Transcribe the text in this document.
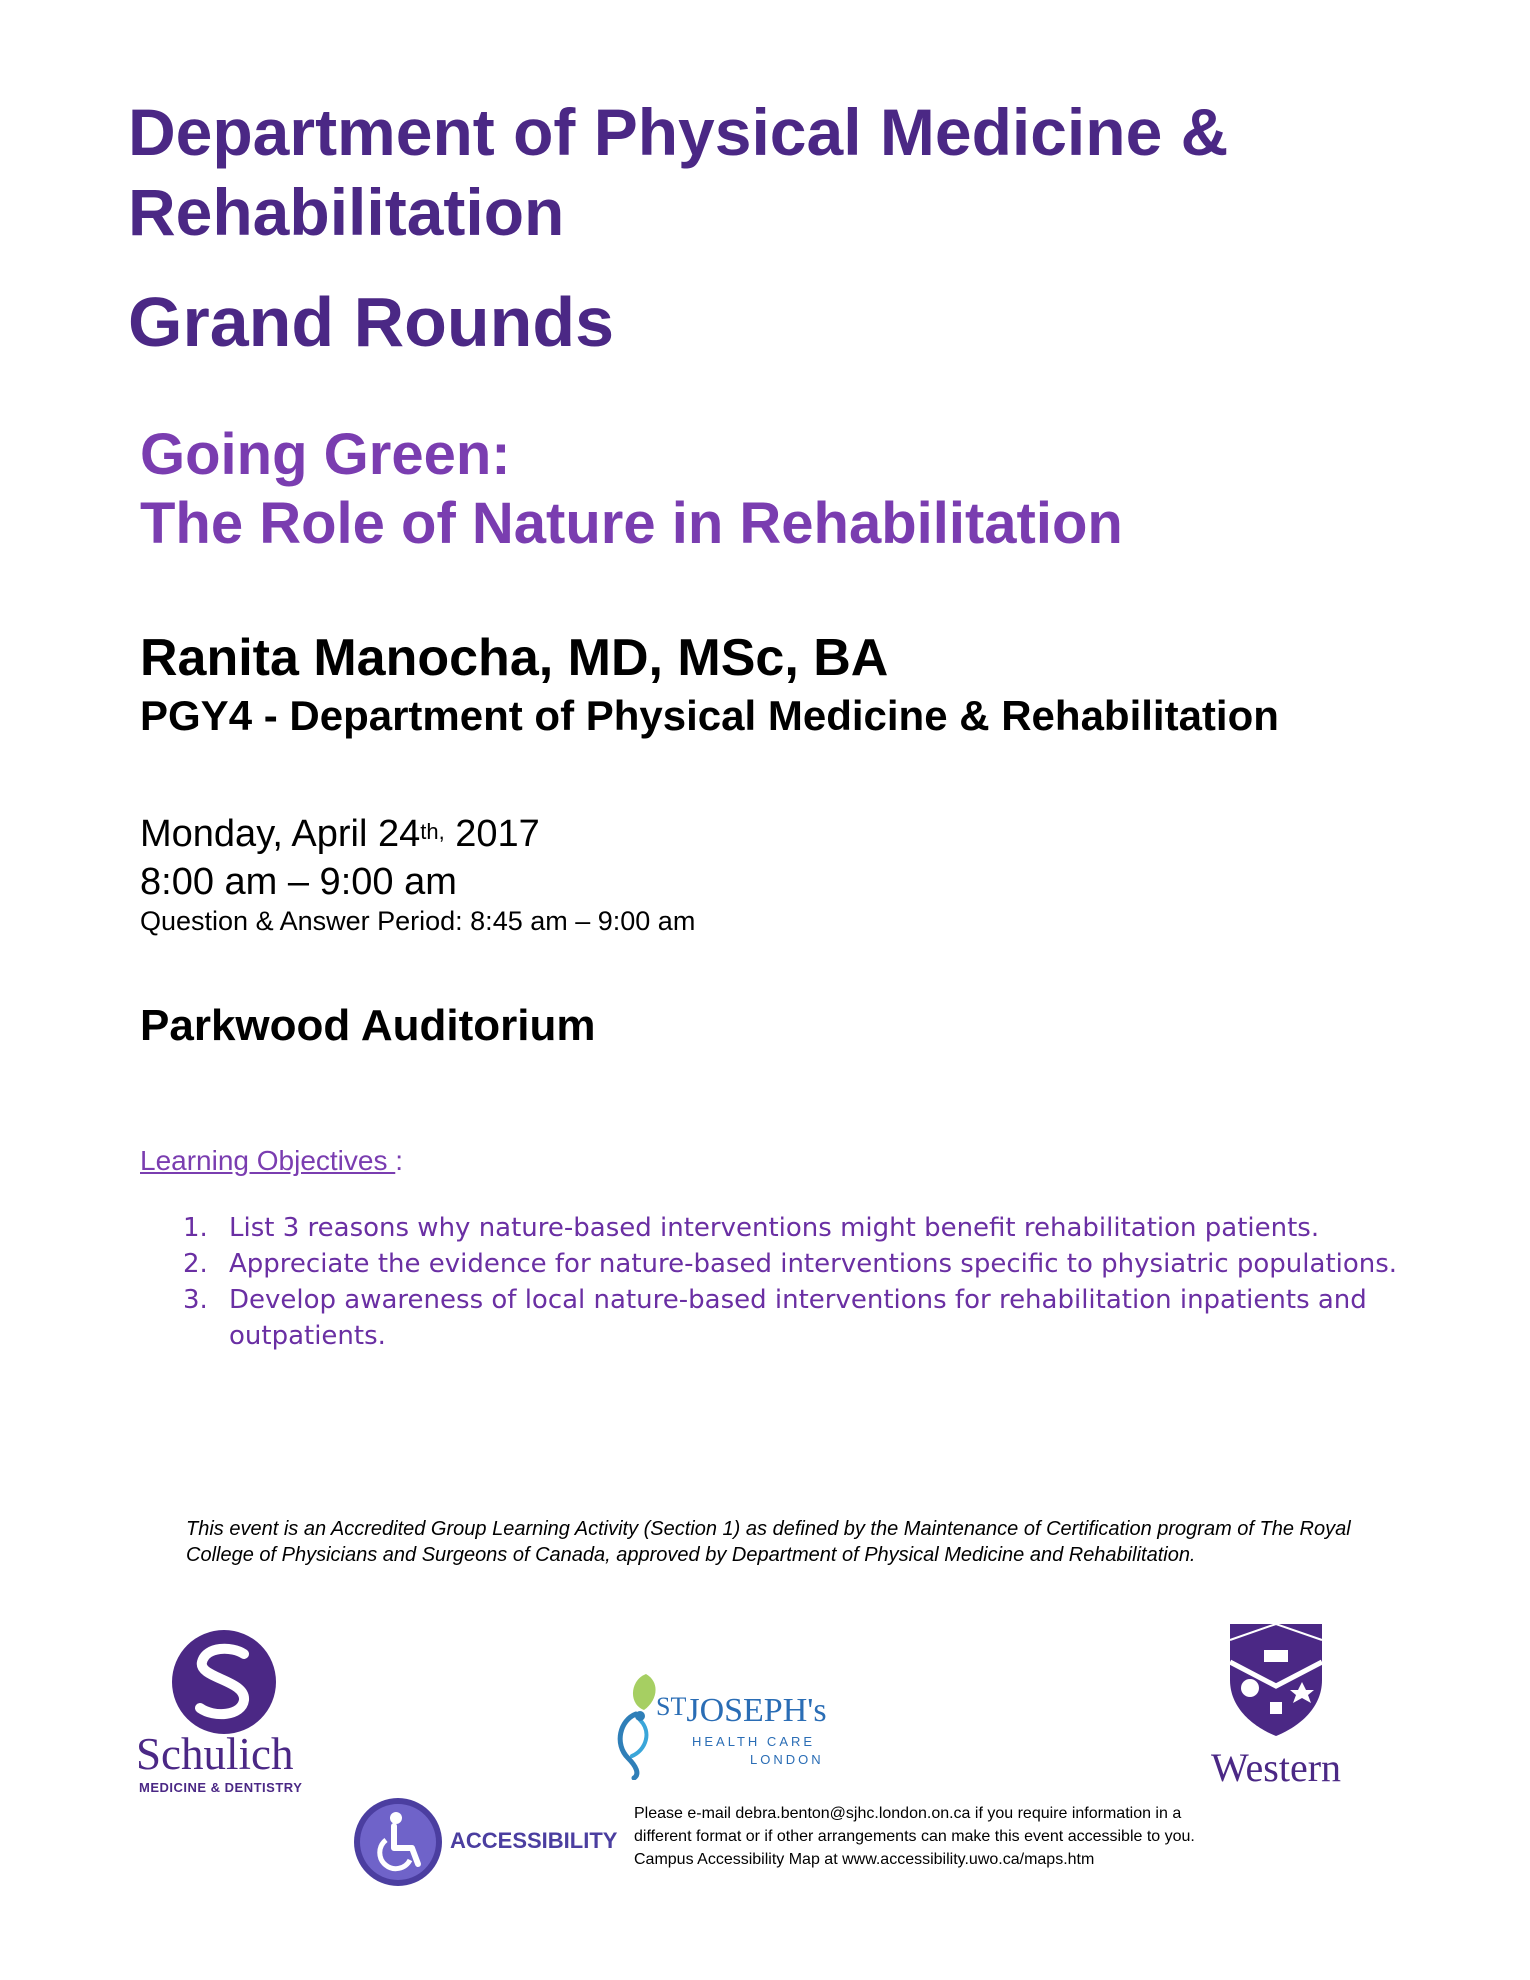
Department of Physical Medicine & Rehabilitation
Grand Rounds
Going Green:
The Role of Nature in Rehabilitation
Ranita Manocha, MD, MSc, BA
PGY4 - Department of Physical Medicine & Rehabilitation
Monday, April $24^{th,}$ 2017
8:00 am – 9:00 am
Question & Answer Period: 8:45 am – 9:00 am
Parkwood Auditorium
Learning Objectives :
1. List 3 reasons why nature-based interventions might benefit rehabilitation patients.
2. Appreciate the evidence for nature-based interventions specific to physiatric populations.
3. Develop awareness of local nature-based interventions for rehabilitation inpatients and outpatients.
This event is an Accredited Group Learning Activity (Section 1) as defined by the Maintenance of Certification program of The Royal College of Physicians and Surgeons of Canada, approved by Department of Physical Medicine and Rehabilitation.
Schulich
MEDICINE & DENTISTRY
STJOSEPH's
HEALTH CARE
LONDON	Western
ACCESSIBILITY
Please e-mail debra.benton@sjhc.london.on.ca if you require information in a
different format or if other arrangements can make this event accessible to you.
Campus Accessibility Map at www.accessibility.uwo.ca/maps.htm
